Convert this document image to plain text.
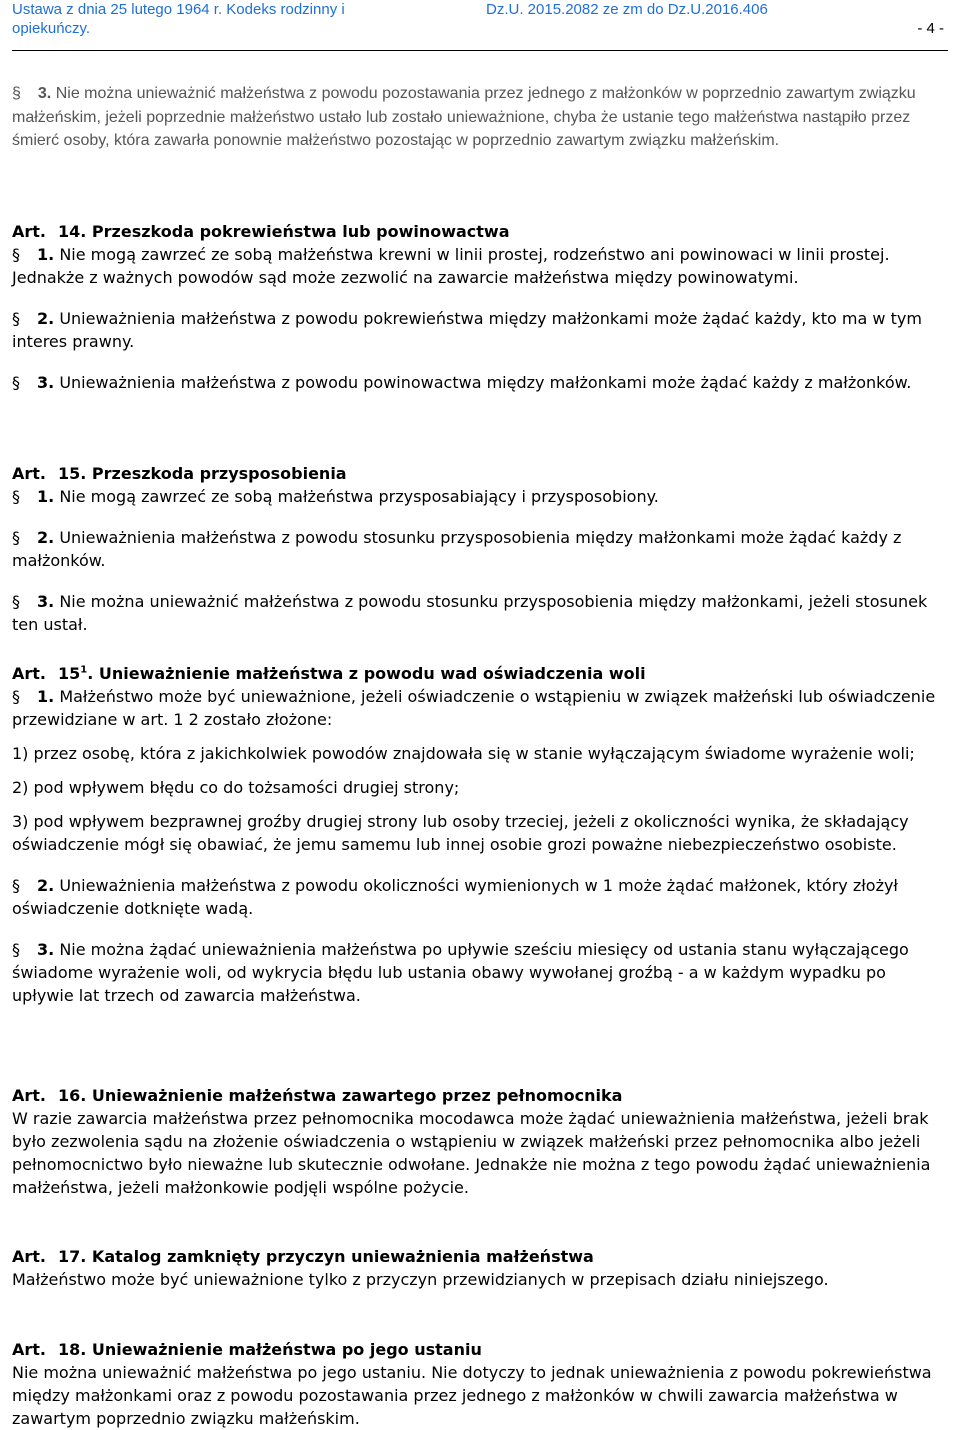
Ustawa z dnia 25 lutego 1964 r. Kodeks rodzinny i
opiekuńczy.
Dz.U. 2015.2082 ze zm do Dz.U.2016.406
- 4 -

§ 3. Nie można unieważnić małżeństwa z powodu pozostawania przez jednego z małżonków w poprzednio zawartym związku małżeńskim, jeżeli poprzednie małżeństwo ustało lub zostało unieważnione, chyba że ustanie tego małżeństwa nastąpiło przez śmierć osoby, która zawarła ponownie małżeństwo pozostając w poprzednio zawartym związku małżeńskim.

Art. 14. Przeszkoda pokrewieństwa lub powinowactwa

§ 1. Nie mogą zawrzeć ze sobą małżeństwa krewni w linii prostej, rodzeństwo ani powinowaci w linii prostej. Jednakże z ważnych powodów sąd może zezwolić na zawarcie małżeństwa między powinowatymi.

§ 2. Unieważnienia małżeństwa z powodu pokrewieństwa między małżonkami może żądać każdy, kto ma w tym interes prawny.

§ 3. Unieważnienia małżeństwa z powodu powinowactwa między małżonkami może żądać każdy z małżonków.

Art. 15. Przeszkoda przysposobienia

§ 1. Nie mogą zawrzeć ze sobą małżeństwa przysposabiający i przysposobiony.

§ 2. Unieważnienia małżeństwa z powodu stosunku przysposobienia między małżonkami może żądać każdy z małżonków.

§ 3. Nie można unieważnić małżeństwa z powodu stosunku przysposobienia między małżonkami, jeżeli stosunek ten ustał.

Art. $15^1$. Unieważnienie małżeństwa z powodu wad oświadczenia woli

§ 1. Małżeństwo może być unieważnione, jeżeli oświadczenie o wstąpieniu w związek małżeński lub oświadczenie przewidziane w art. 1 2 zostało złożone:

1) przez osobę, która z jakichkolwiek powodów znajdowała się w stanie wyłączającym świadome wyrażenie woli;

2) pod wpływem błędu co do tożsamości drugiej strony;

3) pod wpływem bezprawnej groźby drugiej strony lub osoby trzeciej, jeżeli z okoliczności wynika, że składający oświadczenie mógł się obawiać, że jemu samemu lub innej osobie grozi poważne niebezpieczeństwo osobiste.

§ 2. Unieważnienia małżeństwa z powodu okoliczności wymienionych w 1 może żądać małżonek, który złożył oświadczenie dotknięte wadą.

§ 3. Nie można żądać unieważnienia małżeństwa po upływie sześciu miesięcy od ustania stanu wyłączającego świadome wyrażenie woli, od wykrycia błędu lub ustania obawy wywołanej groźbą - a w każdym wypadku po upływie lat trzech od zawarcia małżeństwa.

Art. 16. Unieważnienie małżeństwa zawartego przez pełnomocnika

W razie zawarcia małżeństwa przez pełnomocnika mocodawca może żądać unieważnienia małżeństwa, jeżeli brak było zezwolenia sądu na złożenie oświadczenia o wstąpieniu w związek małżeński przez pełnomocnika albo jeżeli pełnomocnictwo było nieważne lub skutecznie odwołane. Jednakże nie można z tego powodu żądać unieważnienia małżeństwa, jeżeli małżonkowie podjęli wspólne pożycie.

Art. 17. Katalog zamknięty przyczyn unieważnienia małżeństwa

Małżeństwo może być unieważnione tylko z przyczyn przewidzianych w przepisach działu niniejszego.

Art. 18. Unieważnienie małżeństwa po jego ustaniu

Nie można unieważnić małżeństwa po jego ustaniu. Nie dotyczy to jednak unieważnienia z powodu pokrewieństwa między małżonkami oraz z powodu pozostawania przez jednego z małżonków w chwili zawarcia małżeństwa w zawartym poprzednio związku małżeńskim.
